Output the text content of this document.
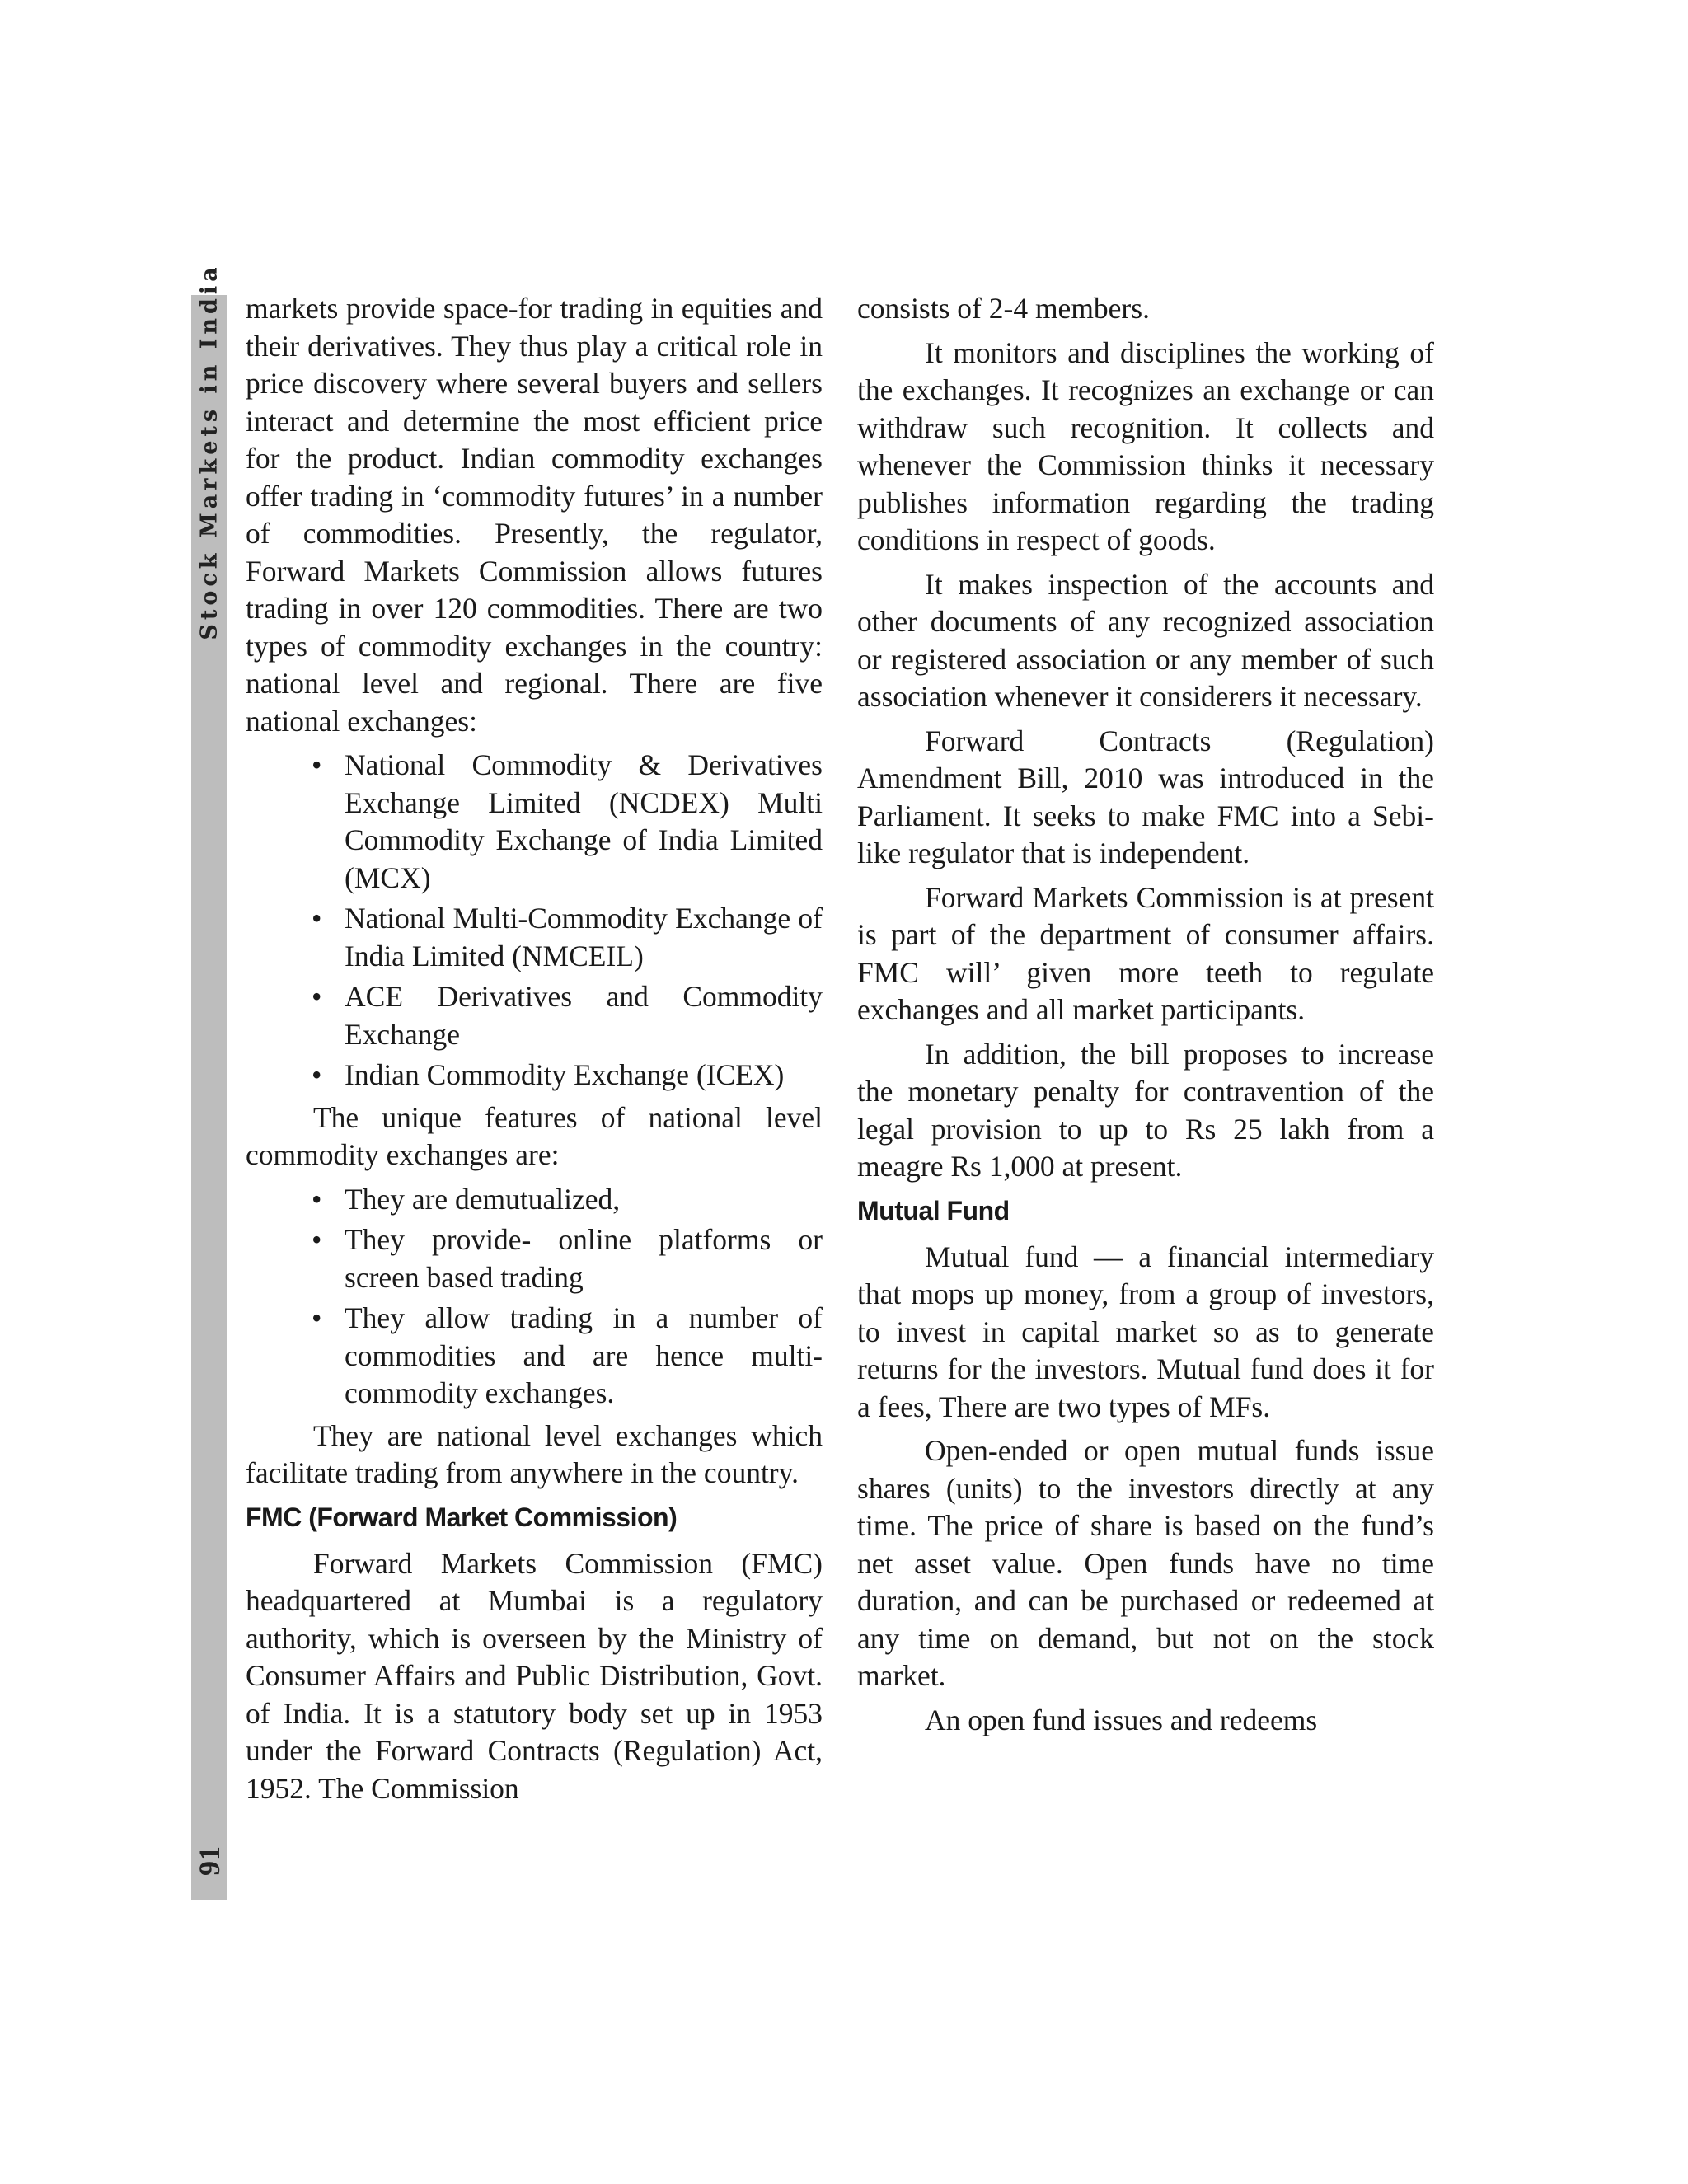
Stock Markets in India
91

markets provide space-for trading in equities and their derivatives. They thus play a critical role in price discovery where several buyers and sellers interact and determine the most efficient price for the product. Indian commodity exchanges offer trading in ‘commodity futures’ in a number of commodities. Presently, the regulator, Forward Markets Commission allows futures trading in over 120 commodities. There are two types of commodity exchanges in the country: national level and regional. There are five national exchanges:

• National Commodity & Derivatives Exchange Limited (NCDEX) Multi Commodity Exchange of India Limited (MCX)
• National Multi-Commodity Exchange of India Limited (NMCEIL)
• ACE Derivatives and Commodity Exchange
• Indian Commodity Exchange (ICEX)

The unique features of national level commodity exchanges are:

• They are demutualized,
• They provide- online platforms or screen based trading
• They allow trading in a number of commodities and are hence multi-commodity exchanges.

They are national level exchanges which facilitate trading from anywhere in the country.

FMC (Forward Market Commission)

Forward Markets Commission (FMC) headquartered at Mumbai is a regulatory authority, which is overseen by the Ministry of Consumer Affairs and Public Distribution, Govt. of India. It is a statutory body set up in 1953 under the Forward Contracts (Regulation) Act, 1952. The Commission

consists of 2-4 members.

It monitors and disciplines the working of the exchanges. It recognizes an exchange or can withdraw such recognition. It collects and whenever the Commission thinks it necessary publishes information regarding the trading conditions in respect of goods.

It makes inspection of the accounts and other documents of any recognized association or registered association or any member of such association whenever it considerers it necessary.

Forward Contracts (Regulation) Amendment Bill, 2010 was introduced in the Parliament. It seeks to make FMC into a Sebi-like regulator that is independent.

Forward Markets Commission is at present is part of the department of consumer affairs. FMC will’ given more teeth to regulate exchanges and all market participants.

In addition, the bill proposes to increase the monetary penalty for contravention of the legal provision to up to Rs 25 lakh from a meagre Rs 1,000 at present.

Mutual Fund

Mutual fund — a financial intermediary that mops up money, from a group of investors, to invest in capital market so as to generate returns for the investors. Mutual fund does it for a fees, There are two types of MFs.

Open-ended or open mutual funds issue shares (units) to the investors directly at any time. The price of share is based on the fund’s net asset value. Open funds have no time duration, and can be purchased or redeemed at any time on demand, but not on the stock market.

An open fund issues and redeems
